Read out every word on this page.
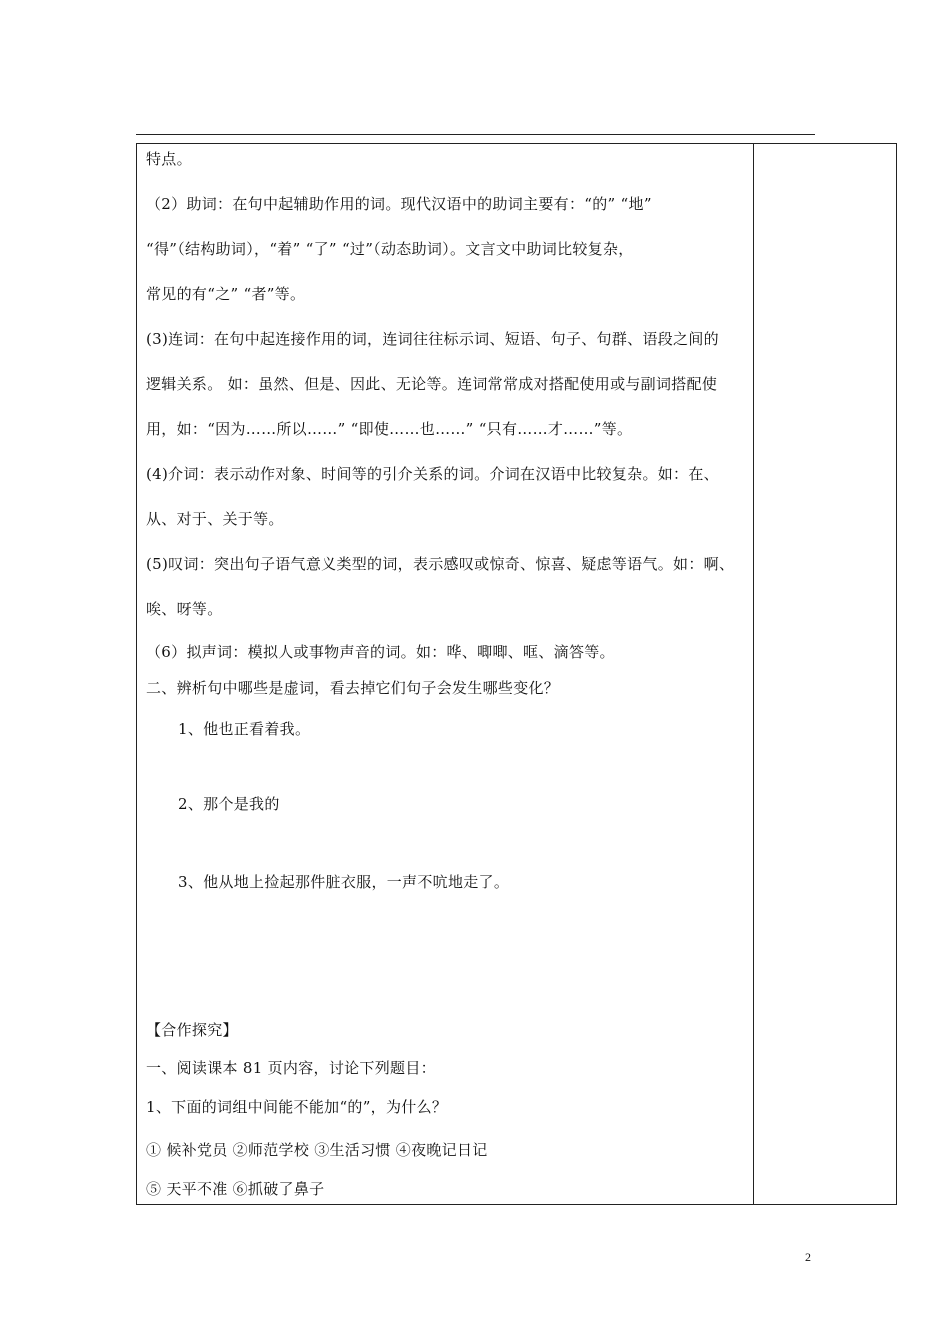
特点。
（2）助词：在句中起辅助作用的词。现代汉语中的助词主要有：“的” “地”
“得”（结构助词），“着” “了” “过”（动态助词）。文言文中助词比较复杂，
常见的有“之” “者”等。
(3)连词：在句中起连接作用的词，连词往往标示词、短语、句子、句群、语段之间的
逻辑关系。 如：虽然、但是、因此、无论等。连词常常成对搭配使用或与副词搭配使
用，如：“因为……所以……” “即使……也……” “只有……才……”等。
(4)介词：表示动作对象、时间等的引介关系的词。介词在汉语中比较复杂。如：在、
从、对于、关于等。
(5)叹词：突出句子语气意义类型的词，表示感叹或惊奇、惊喜、疑虑等语气。如：啊、
唉、呀等。
（6）拟声词：模拟人或事物声音的词。如：哗、唧唧、哐、滴答等。
二、辨析句中哪些是虚词，看去掉它们句子会发生哪些变化？
1、他也正看着我。
2、那个是我的
3、他从地上捡起那件脏衣服，一声不吭地走了。
【合作探究】
一、阅读课本 81 页内容，讨论下列题目：
1、下面的词组中间能不能加“的”，为什么？
① 候补党员 ②师范学校 ③生活习惯 ④夜晚记日记
⑤ 天平不准 ⑥抓破了鼻子
2
